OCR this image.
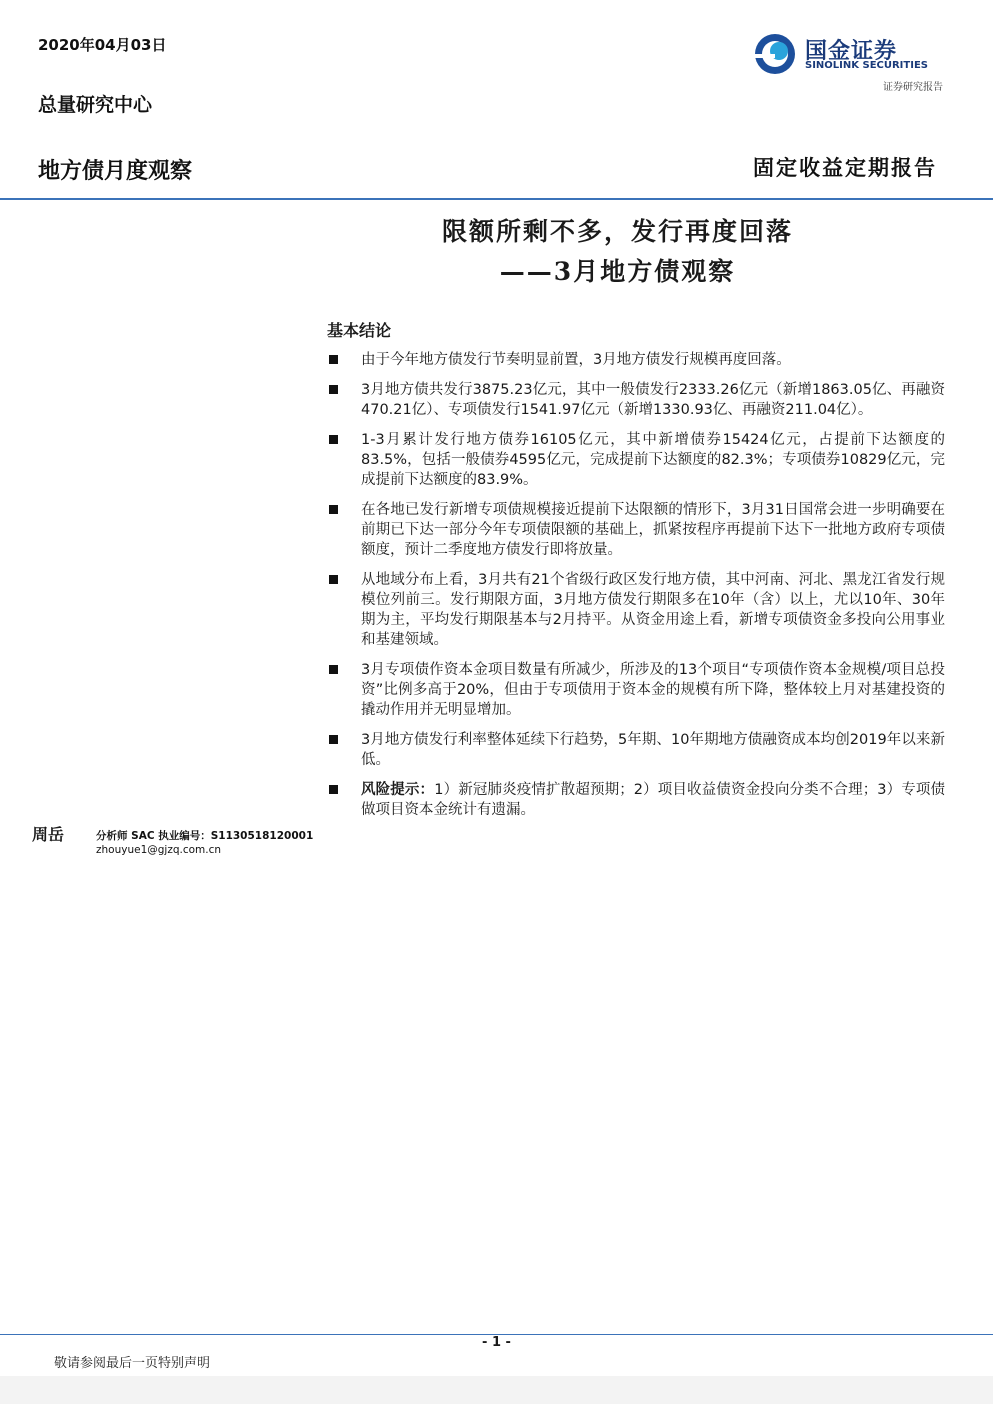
2020年04月03日
总量研究中心
国金证券
SINOLINK SECURITIES
证券研究报告
地方债月度观察	固定收益定期报告
限额所剩不多，发行再度回落
——3月地方债观察
基本结论
由于今年地方债发行节奏明显前置，3月地方债发行规模再度回落。
3月地方债共发行3875.23亿元，其中一般债发行2333.26亿元（新增1863.05亿、再融资470.21亿）、专项债发行1541.97亿元（新增1330.93亿、再融资211.04亿）。
1-3月累计发行地方债券16105亿元，其中新增债券15424亿元，占提前下达额度的83.5%，包括一般债券4595亿元，完成提前下达额度的82.3%；专项债券10829亿元，完成提前下达额度的83.9%。
在各地已发行新增专项债规模接近提前下达限额的情形下，3月31日国常会进一步明确要在前期已下达一部分今年专项债限额的基础上，抓紧按程序再提前下达下一批地方政府专项债额度，预计二季度地方债发行即将放量。
从地域分布上看，3月共有21个省级行政区发行地方债，其中河南、河北、黑龙江省发行规模位列前三。发行期限方面，3月地方债发行期限多在10年（含）以上，尤以10年、30年期为主，平均发行期限基本与2月持平。从资金用途上看，新增专项债资金多投向公用事业和基建领域。
3月专项债作资本金项目数量有所减少，所涉及的13个项目“专项债作资本金规模/项目总投资”比例多高于20%，但由于专项债用于资本金的规模有所下降，整体较上月对基建投资的撬动作用并无明显增加。
3月地方债发行利率整体延续下行趋势，5年期、10年期地方债融资成本均创2019年以来新低。
风险提示：1）新冠肺炎疫情扩散超预期；2）项目收益债资金投向分类不合理；3）专项债做项目资本金统计有遗漏。
周岳	分析师 SAC 执业编号：S1130518120001
zhouyue1@gjzq.com.cn
- 1 -
敬请参阅最后一页特别声明
